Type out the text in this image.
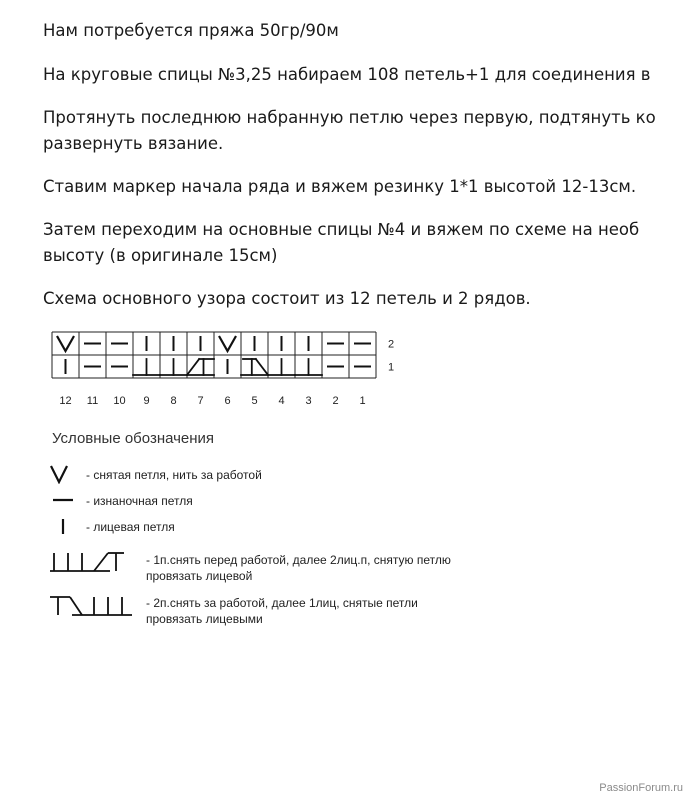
Нам потребуется пряжа 50гр/90м
На круговые спицы №3,25 набираем 108 петель+1 для соединения в
Протянуть последнюю набранную петлю через первую, подтянуть ко
развернуть вязание.
Ставим маркер начала ряда и вяжем резинку 1*1 высотой 12-13см.
Затем переходим на основные спицы №4 и вяжем по схеме на необ
высоту (в оригинале 15см)
Схема основного узора состоит из 12 петель и 2 рядов.
12 11 10 9 8 7 6 5 4 3 2 1
2
1
Условные обозначения
- снятая петля, нить за работой
- изнаночная петля
- лицевая петля
- 1п.снять перед работой, далее 2лиц.п, снятую петлю провязать лицевой
- 2п.снять за работой, далее 1лиц, снятые петли провязать лицевыми
PassionForum.ru
